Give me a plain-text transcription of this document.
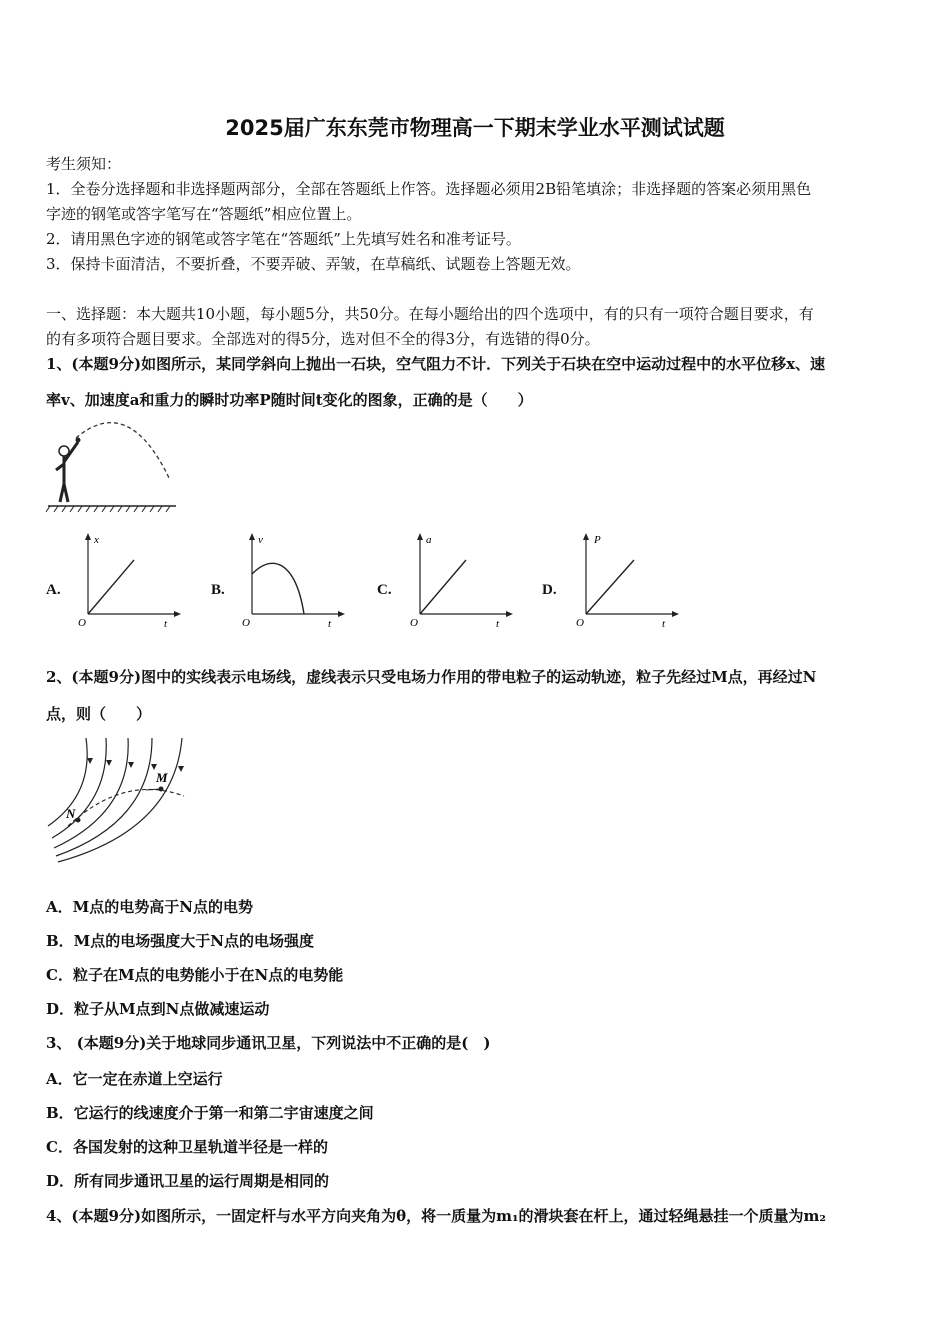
2025届广东东莞市物理高一下期末学业水平测试试题
考生须知：
1．全卷分选择题和非选择题两部分，全部在答题纸上作答。选择题必须用2B铅笔填涂；非选择题的答案必须用黑色
字迹的钢笔或答字笔写在“答题纸”相应位置上。
2．请用黑色字迹的钢笔或答字笔在“答题纸”上先填写姓名和准考证号。
3．保持卡面清洁，不要折叠，不要弄破、弄皱，在草稿纸、试题卷上答题无效。
一、选择题：本大题共10小题，每小题5分，共50分。在每小题给出的四个选项中，有的只有一项符合题目要求，有
的有多项符合题目要求。全部选对的得5分，选对但不全的得3分，有选错的得0分。
1、(本题9分)如图所示，某同学斜向上抛出一石块，空气阻力不计．下列关于石块在空中运动过程中的水平位移x、速
率v、加速度a和重力的瞬时功率P随时间t变化的图象，正确的是（　　）
A.
x
O	t
B.
v
O	t
C.
a
O	t
D.
P
O	t
2、(本题9分)图中的实线表示电场线，虚线表示只受电场力作用的带电粒子的运动轨迹，粒子先经过M点，再经过N
点，则（　　）
M
N
A．M点的电势高于N点的电势
B．M点的电场强度大于N点的电场强度
C．粒子在M点的电势能小于在N点的电势能
D．粒子从M点到N点做减速运动
3、 (本题9分)关于地球同步通讯卫星，下列说法中不正确的是(　)
A．它一定在赤道上空运行
B．它运行的线速度介于第一和第二宇宙速度之间
C．各国发射的这种卫星轨道半径是一样的
D．所有同步通讯卫星的运行周期是相同的
4、(本题9分)如图所示，一固定杆与水平方向夹角为θ，将一质量为m₁的滑块套在杆上，通过轻绳悬挂一个质量为m₂
